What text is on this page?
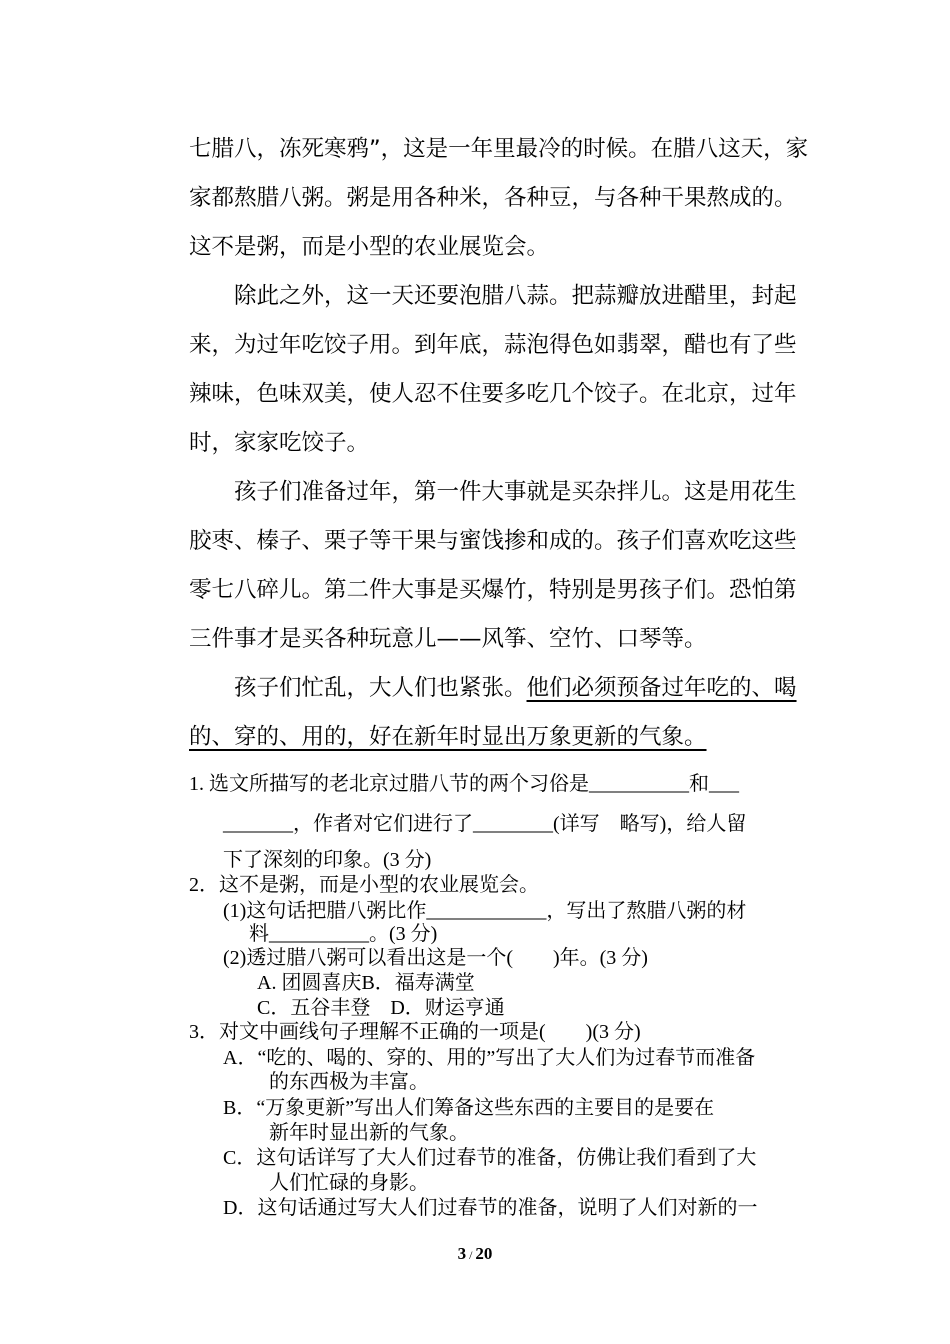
七腊八，冻死寒鸦”，这是一年里最冷的时候。在腊八这天，家
家都熬腊八粥。粥是用各种米，各种豆，与各种干果熬成的。
这不是粥，而是小型的农业展览会。

除此之外，这一天还要泡腊八蒜。把蒜瓣放进醋里，封起
来，为过年吃饺子用。到年底，蒜泡得色如翡翠，醋也有了些
辣味，色味双美，使人忍不住要多吃几个饺子。在北京，过年
时，家家吃饺子。

孩子们准备过年，第一件大事就是买杂拌儿。这是用花生
胶枣、榛子、栗子等干果与蜜饯掺和成的。孩子们喜欢吃这些
零七八碎儿。第二件大事是买爆竹，特别是男孩子们。恐怕第
三件事才是买各种玩意儿——风筝、空竹、口琴等。

孩子们忙乱，大人们也紧张。他们必须预备过年吃的、喝
的、穿的、用的，好在新年时显出万象更新的气象。

1. 选文所描写的老北京过腊八节的两个习俗是__________和___
_______，作者对它们进行了________(详写　略写)，给人留
下了深刻的印象。(3 分)
2．这不是粥，而是小型的农业展览会。
(1)这句话把腊八粥比作____________，写出了熬腊八粥的材
料__________。(3 分)
(2)透过腊八粥可以看出这是一个(　　)年。(3 分)
A. 团圆喜庆B．福寿满堂
C．五谷丰登　D．财运亨通
3．对文中画线句子理解不正确的一项是(　　)(3 分)
A．“吃的、喝的、穿的、用的”写出了大人们为过春节而准备
的东西极为丰富。
B．“万象更新”写出人们筹备这些东西的主要目的是要在
新年时显出新的气象。
C．这句话详写了大人们过春节的准备，仿佛让我们看到了大
人们忙碌的身影。
D．这句话通过写大人们过春节的准备，说明了人们对新的一
3 / 20
